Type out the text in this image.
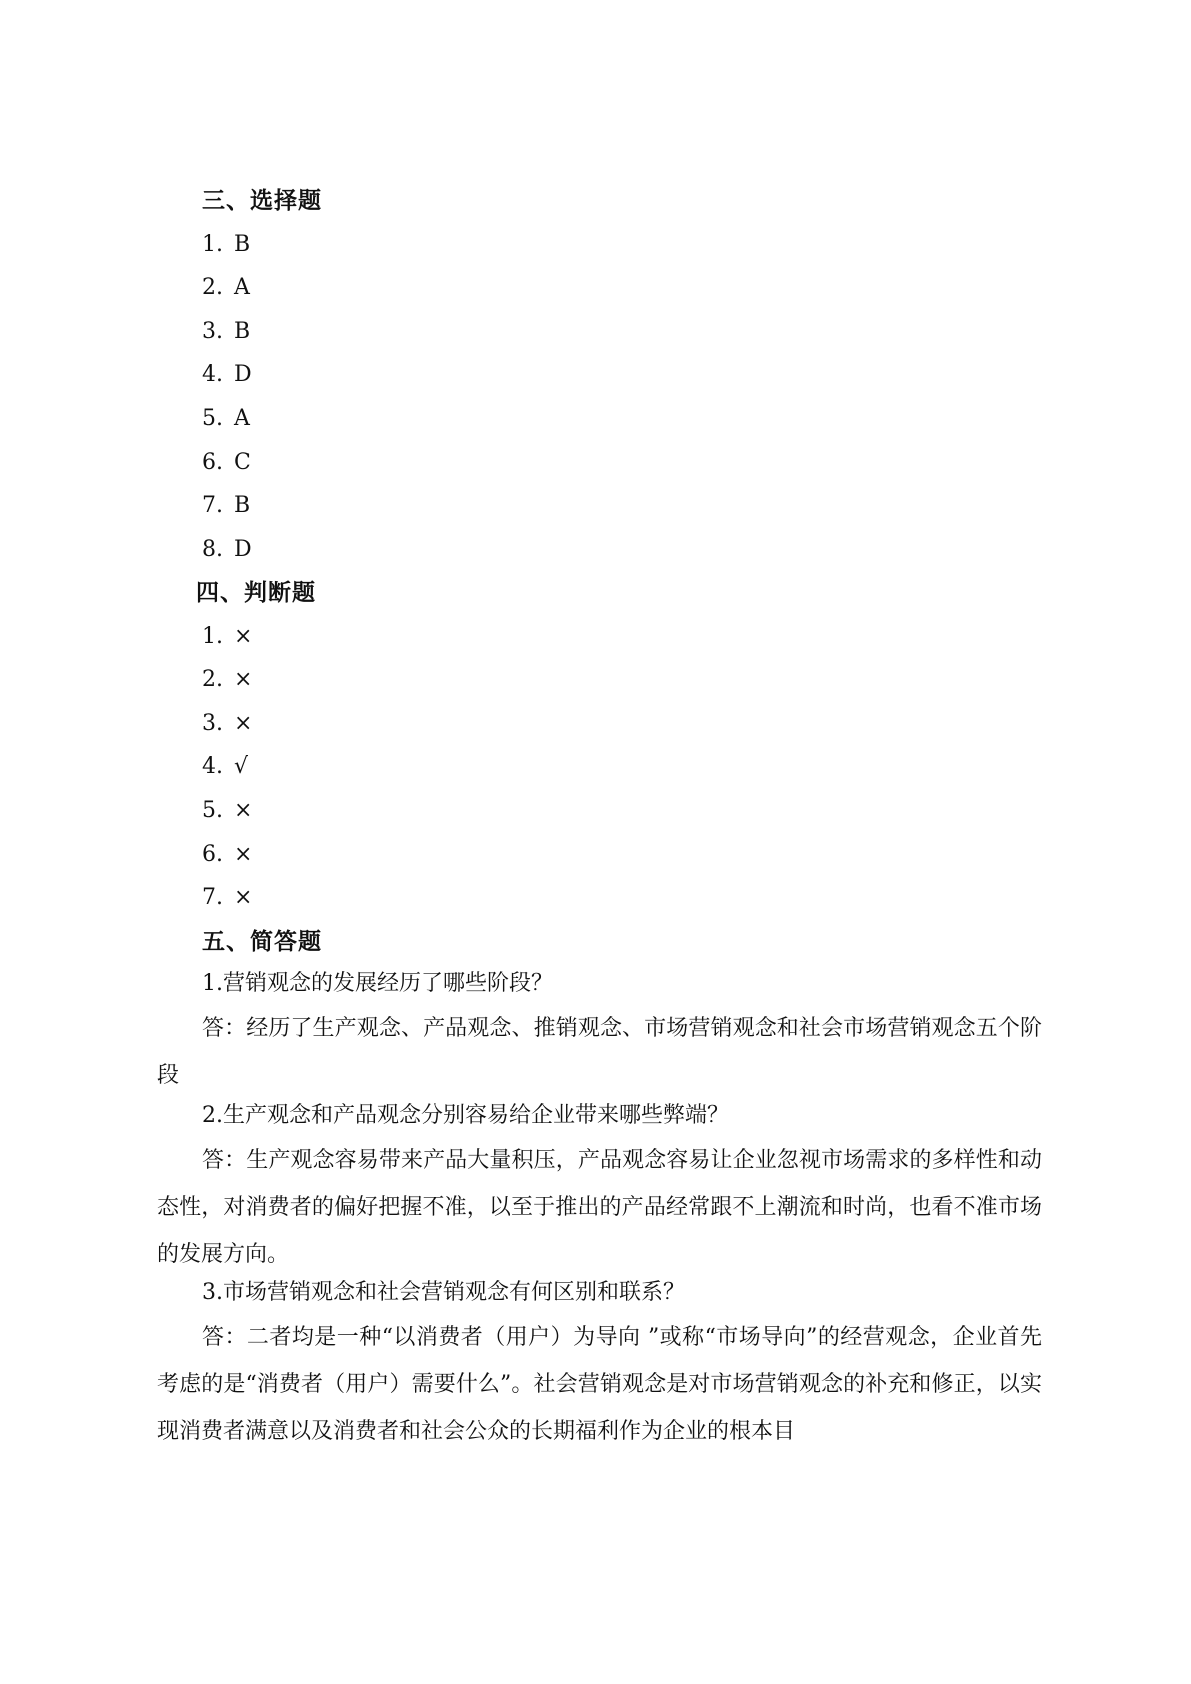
三、选择题
1. B
2. A
3. B
4. D
5. A
6. C
7. B
8. D
四、判断题
1. ×
2. ×
3. ×
4. √
5. ×
6. ×
7. ×
五、简答题
1.营销观念的发展经历了哪些阶段？
答：经历了生产观念、产品观念、推销观念、市场营销观念和社会市场营销观念五个阶段
2.生产观念和产品观念分别容易给企业带来哪些弊端？
答：生产观念容易带来产品大量积压，产品观念容易让企业忽视市场需求的多样性和动态性，对消费者的偏好把握不准，以至于推出的产品经常跟不上潮流和时尚，也看不准市场的发展方向。
3.市场营销观念和社会营销观念有何区别和联系？
答：二者均是一种“以消费者（用户）为导向 ”或称“市场导向”的经营观念，企业首先考虑的是“消费者（用户）需要什么”。社会营销观念是对市场营销观念的补充和修正，以实现消费者满意以及消费者和社会公众的长期福利作为企业的根本目
